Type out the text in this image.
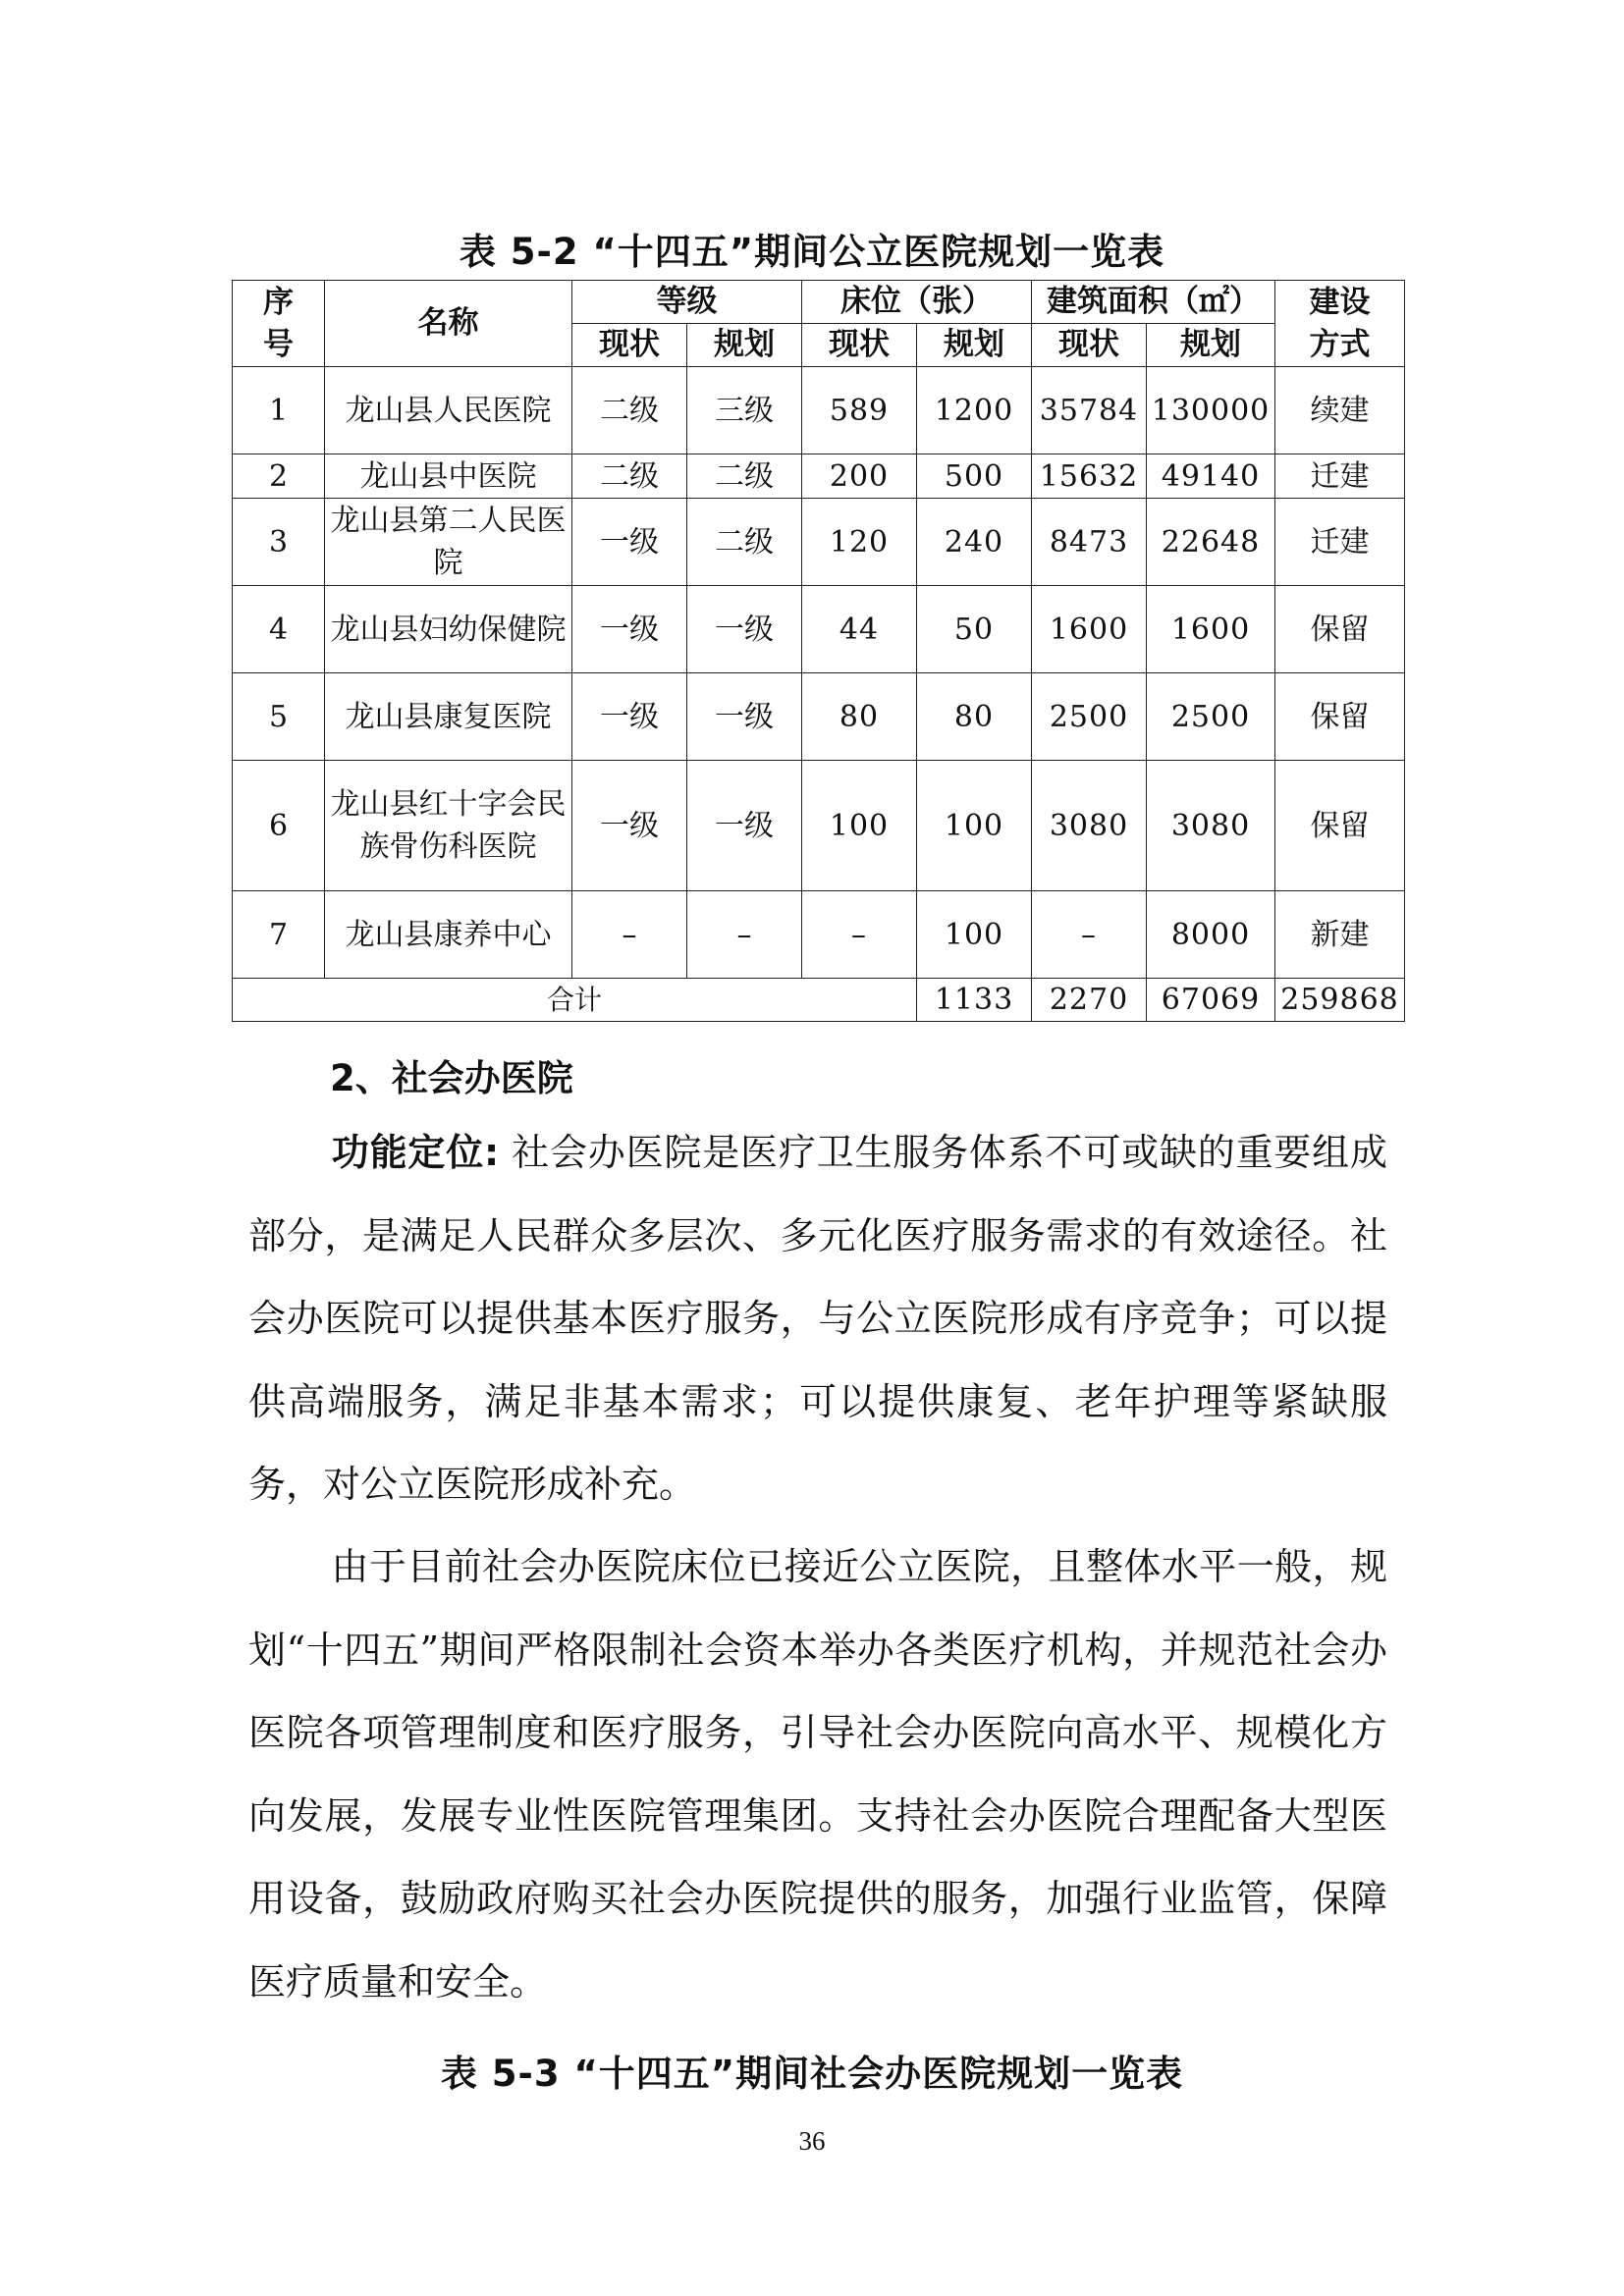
表 5-2 “十四五”期间公立医院规划一览表
序号	名称	等级		床位（张）		建筑面积（㎡）		建设方式
		现状	规划	现状	规划	现状	规划	
1	龙山县人民医院	二级	三级	589	1200	35784	130000	续建
2	龙山县中医院	二级	二级	200	500	15632	49140	迁建
3	龙山县第二人民医院	一级	二级	120	240	8473	22648	迁建
4	龙山县妇幼保健院	一级	一级	44	50	1600	1600	保留
5	龙山县康复医院	一级	一级	80	80	2500	2500	保留
6	龙山县红十字会民族骨伤科医院	一级	一级	100	100	3080	3080	保留
7	龙山县康养中心	–	–	–	100	–	8000	新建
合计					1133	2270	67069	259868
2、社会办医院
功能定位: 社会办医院是医疗卫生服务体系不可或缺的重要组成部分，是满足人民群众多层次、多元化医疗服务需求的有效途径。社会办医院可以提供基本医疗服务，与公立医院形成有序竞争；可以提供高端服务，满足非基本需求；可以提供康复、老年护理等紧缺服务，对公立医院形成补充。
由于目前社会办医院床位已接近公立医院，且整体水平一般，规划“十四五”期间严格限制社会资本举办各类医疗机构，并规范社会办医院各项管理制度和医疗服务，引导社会办医院向高水平、规模化方向发展，发展专业性医院管理集团。支持社会办医院合理配备大型医用设备，鼓励政府购买社会办医院提供的服务，加强行业监管，保障医疗质量和安全。
表 5-3 “十四五”期间社会办医院规划一览表
36
